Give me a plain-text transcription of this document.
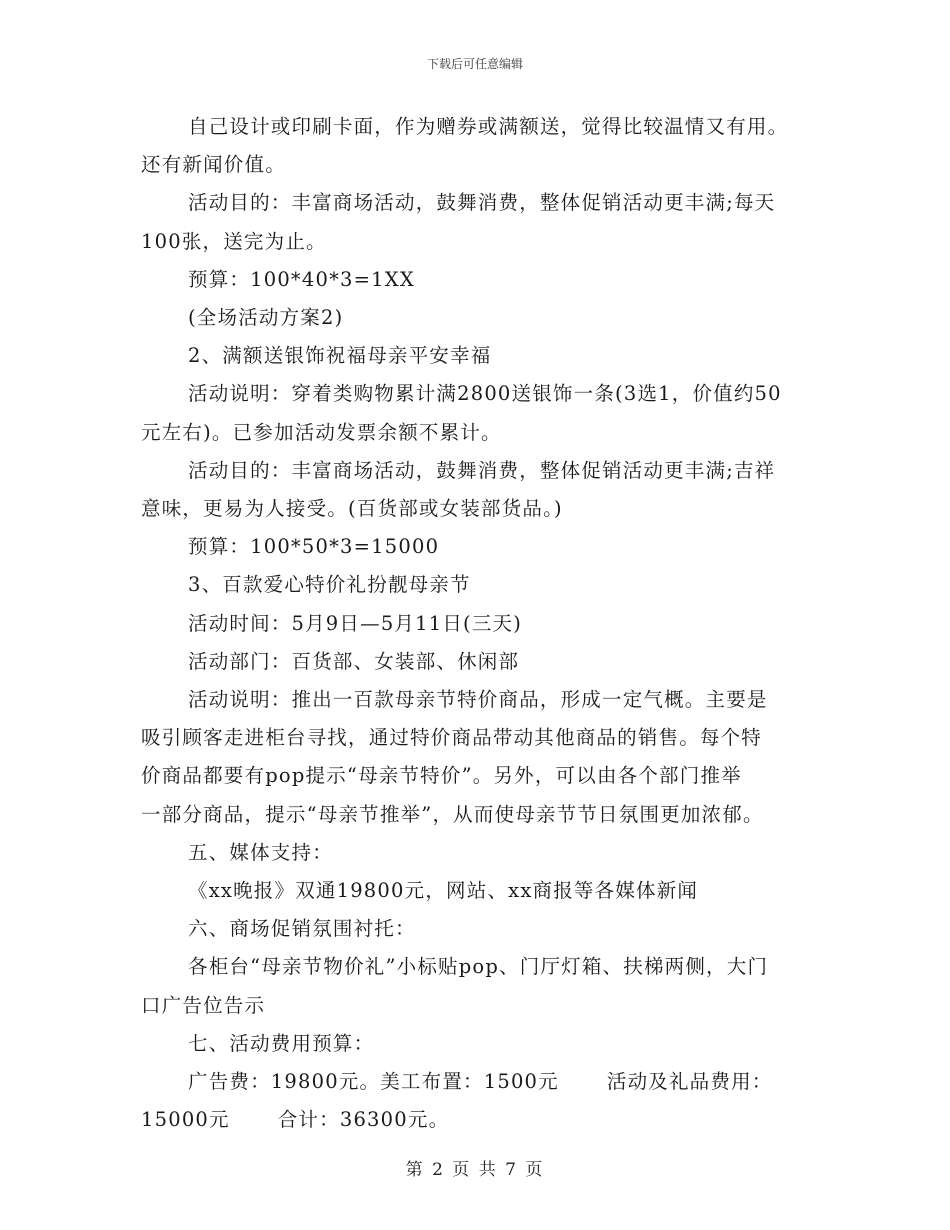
下载后可任意编辑

自己设计或印刷卡面，作为赠券或满额送，觉得比较温情又有用。

还有新闻价值。

活动目的：丰富商场活动，鼓舞消费，整体促销活动更丰满;每天

100张，送完为止。

预算：100*40*3=1XX

(全场活动方案2)

2、满额送银饰祝福母亲平安幸福

活动说明：穿着类购物累计满2800送银饰一条(3选1，价值约50

元左右)。已参加活动发票余额不累计。

活动目的：丰富商场活动，鼓舞消费，整体促销活动更丰满;吉祥

意味，更易为人接受。(百货部或女装部货品。)

预算：100*50*3=15000

3、百款爱心特价礼扮靓母亲节

活动时间：5月9日—5月11日(三天)

活动部门：百货部、女装部、休闲部

活动说明：推出一百款母亲节特价商品，形成一定气概。主要是

吸引顾客走进柜台寻找，通过特价商品带动其他商品的销售。每个特

价商品都要有pop提示“母亲节特价”。另外，可以由各个部门推举

一部分商品，提示“母亲节推举”，从而使母亲节节日氛围更加浓郁。

五、媒体支持：

《xx晚报》双通19800元，网站、xx商报等各媒体新闻

六、商场促销氛围衬托：

各柜台“母亲节物价礼”小标贴pop、门厅灯箱、扶梯两侧，大门

口广告位告示

七、活动费用预算：

广告费：19800元。美工布置：1500元 活动及礼品费用：

15000元 合计：36300元。

第 2 页 共 7 页
